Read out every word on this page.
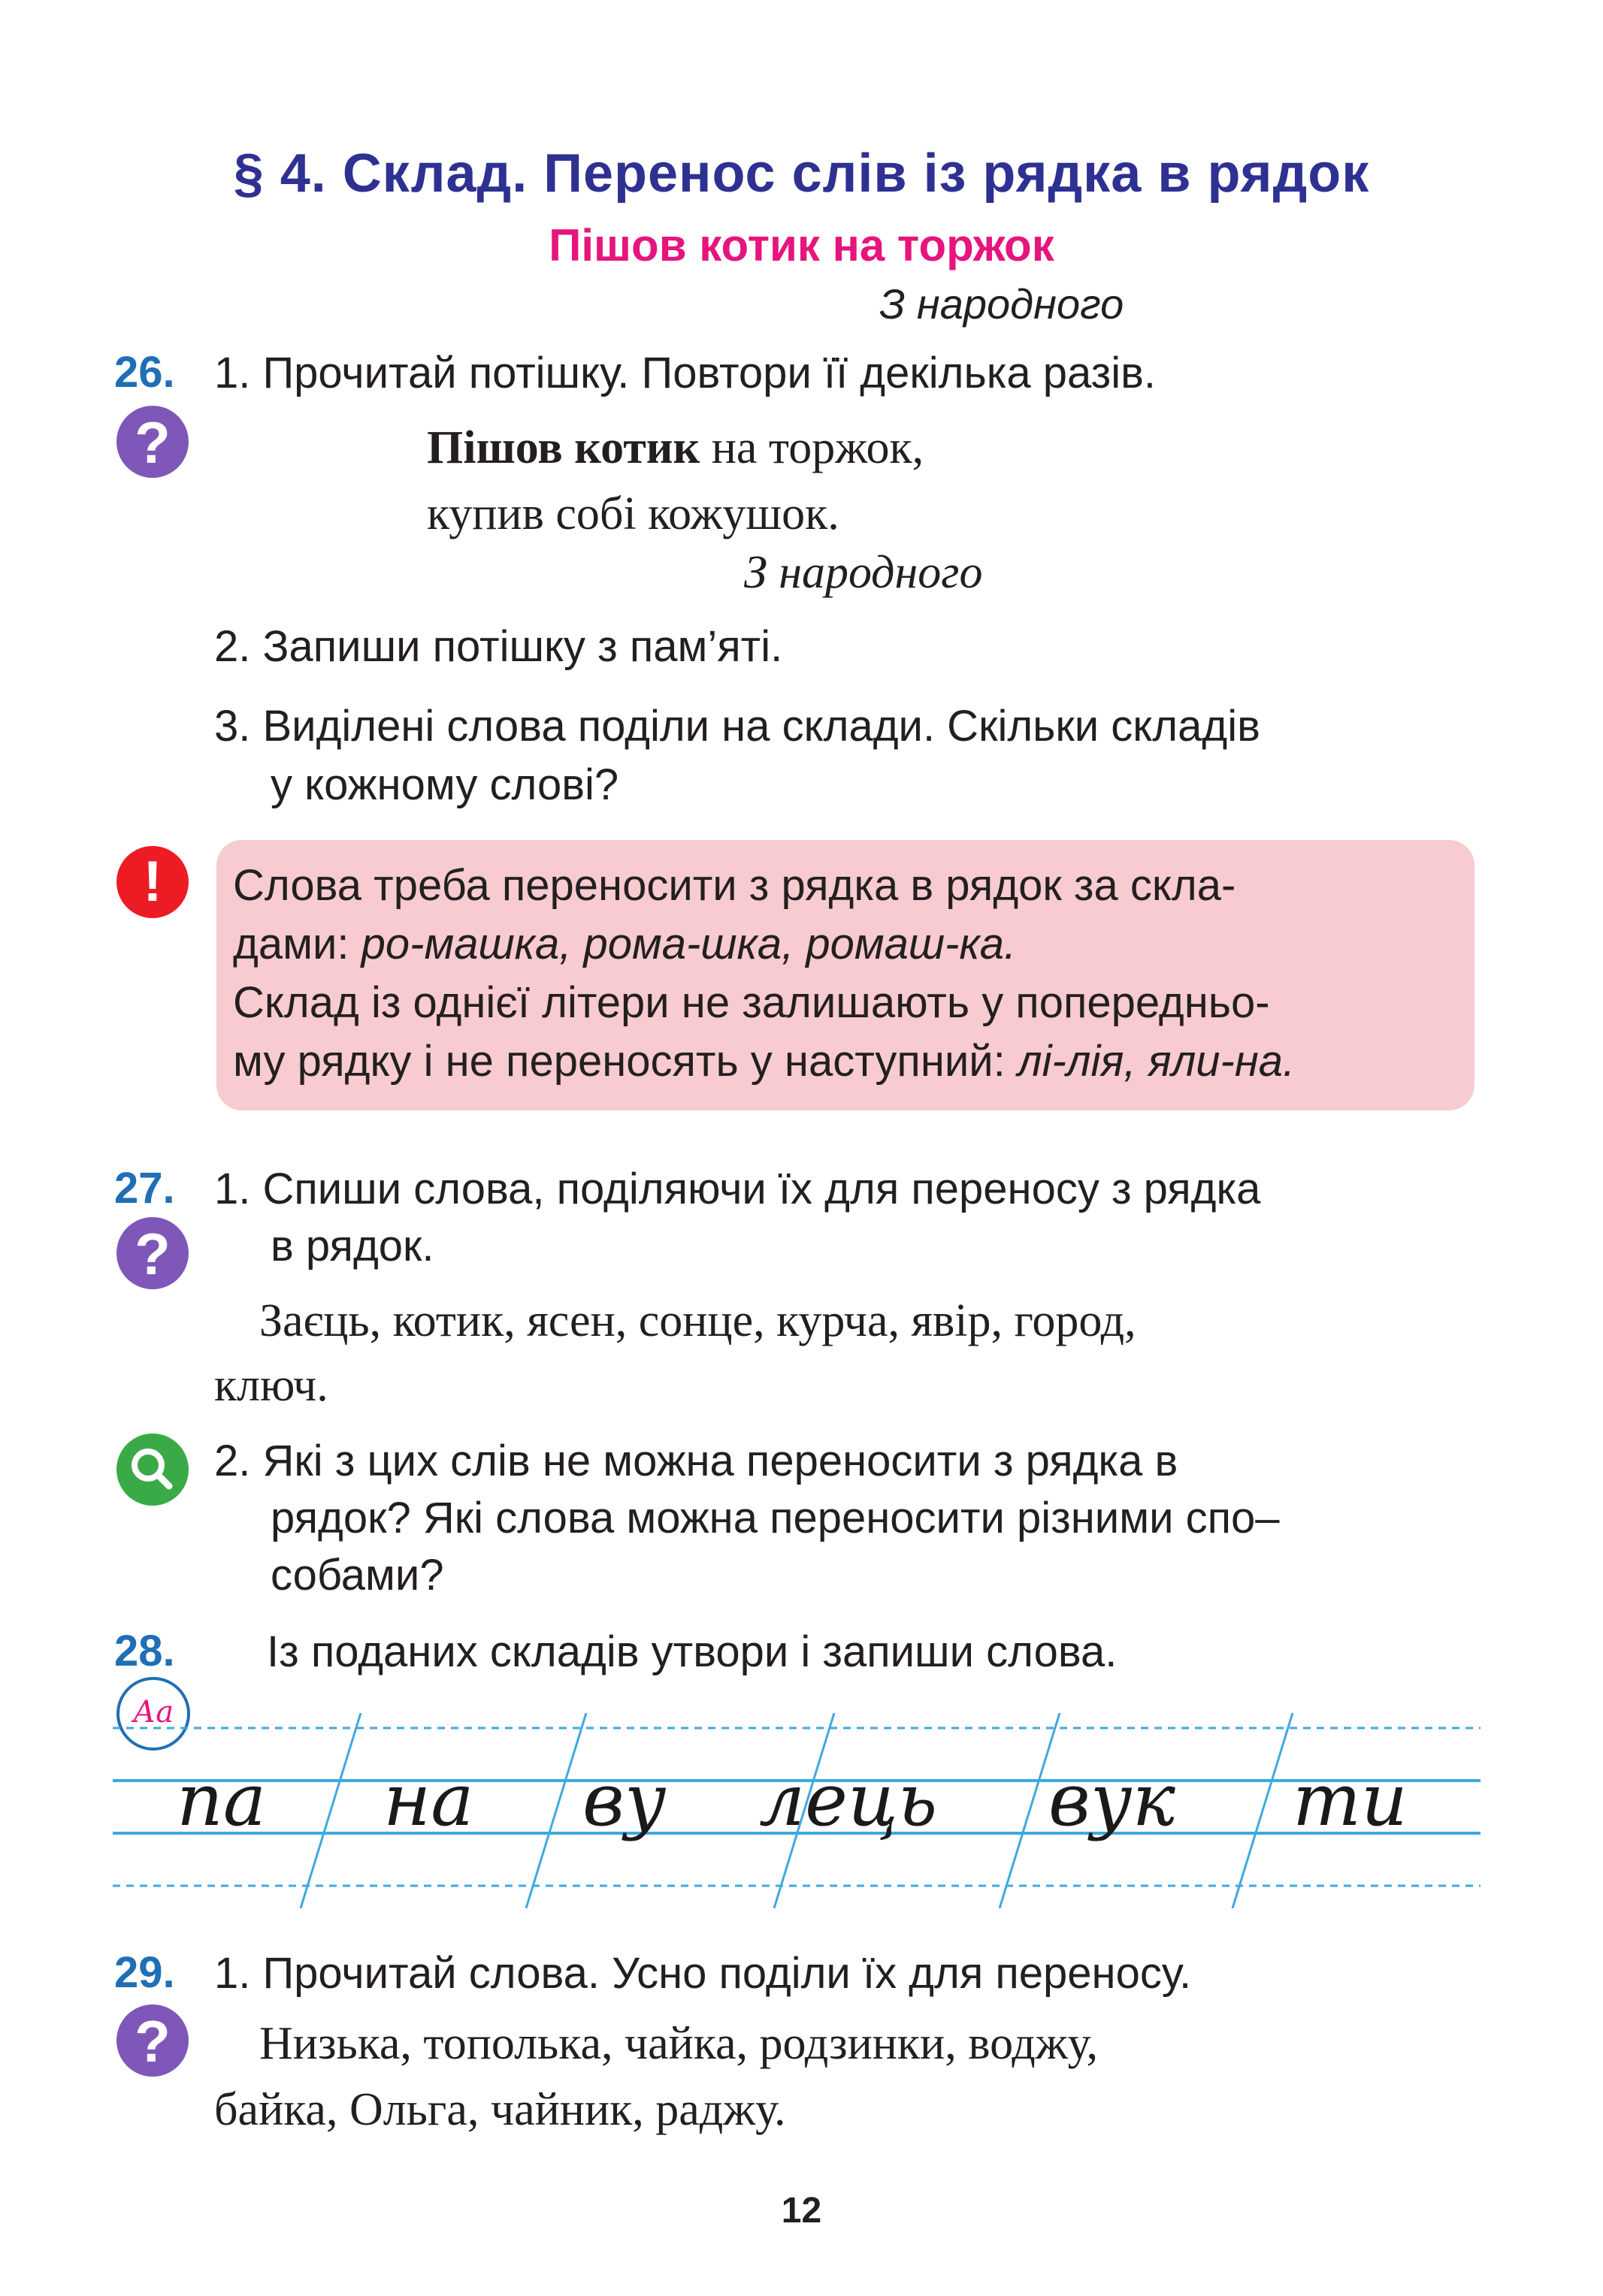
§ 4. Склад. Перенос слів із рядка в рядок
Пішов котик на торжок
З народного
26. 1. Прочитай потішку. Повтори її декілька разів.
?	Пішов котик на торжок,
купив собі кожушок.
З народного
2. Запиши потішку з пам’яті.
3. Виділені слова поділи на склади. Скільки складів
у кожному слові?
!	Слова треба переносити з рядка в рядок за скла-
дами: ро-машка, рома-шка, ромаш-ка.
Склад із однієї літери не залишають у попередньо-
му рядку і не переносять у наступний: лі-лія, яли-на.
27. 1. Спиши слова, поділяючи їх для переносу з рядка
в рядок.
?
Заєць, котик, ясен, сонце, курча, явір, город,
ключ.
2. Які з цих слів не можна переносити з рядка в
рядок? Які слова можна переносити різними спо–
собами?
28. Із поданих складів утвори і запиши слова.
Аа
па на ву лець вук ти
29. 1. Прочитай слова. Усно поділи їх для переносу.
?	Низька, тополька, чайка, родзинки, воджу,
байка, Ольга, чайник, раджу.
12
